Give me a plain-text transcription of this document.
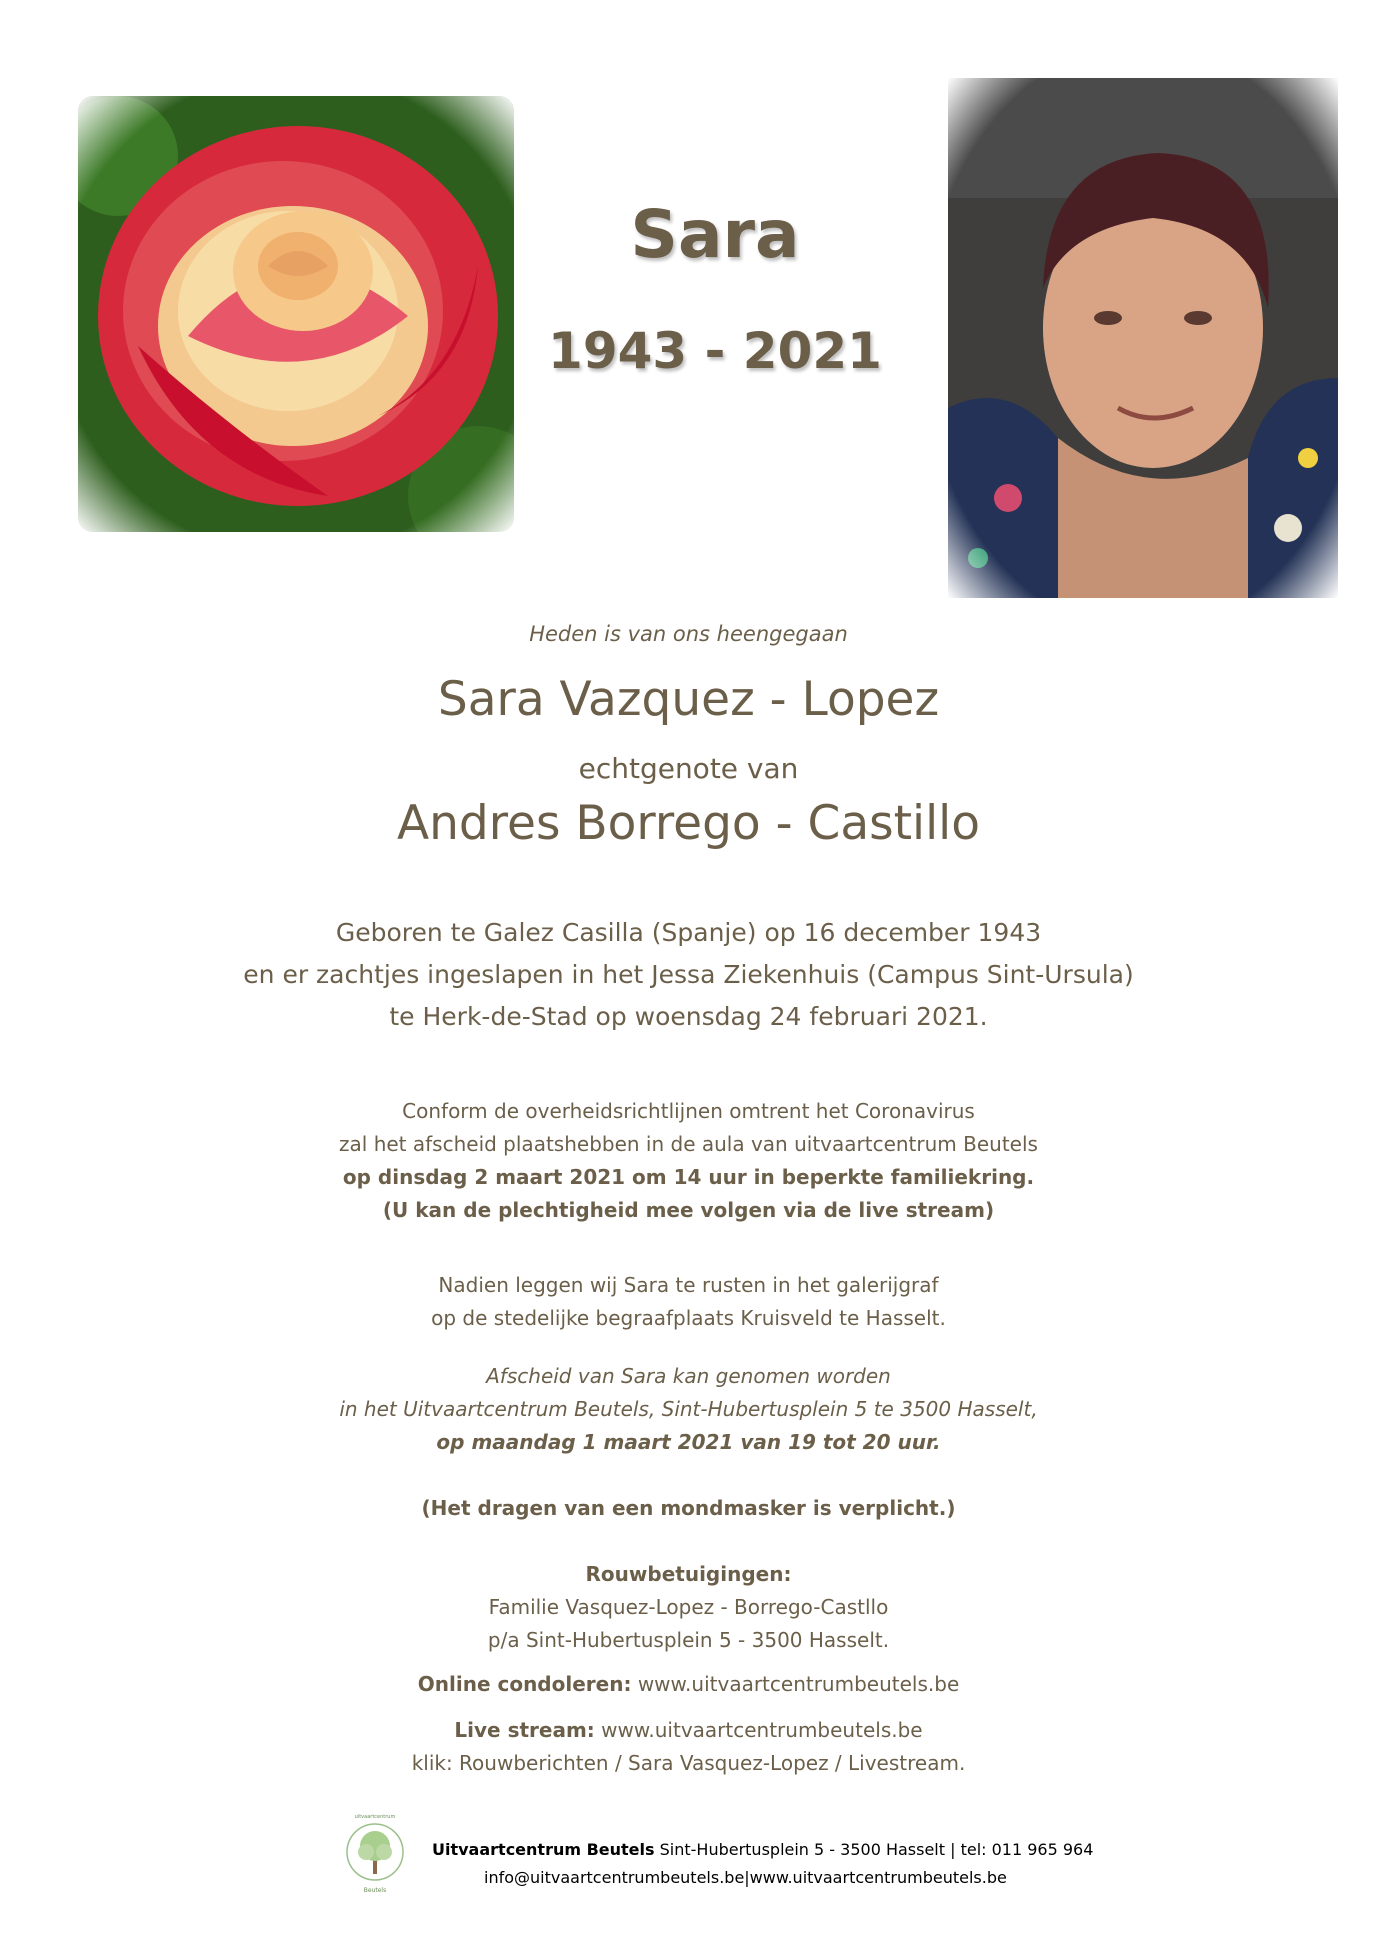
Sara
1943 - 2021
Heden is van ons heengegaan
Sara Vazquez - Lopez
echtgenote van
Andres Borrego - Castillo
Geboren te Galez Casilla (Spanje) op 16 december 1943
en er zachtjes ingeslapen in het Jessa Ziekenhuis (Campus Sint-Ursula)
te Herk-de-Stad op woensdag 24 februari 2021.
Conform de overheidsrichtlijnen omtrent het Coronavirus
zal het afscheid plaatshebben in de aula van uitvaartcentrum Beutels
op dinsdag 2 maart 2021 om 14 uur in beperkte familiekring.
(U kan de plechtigheid mee volgen via de live stream)
Nadien leggen wij Sara te rusten in het galerijgraf
op de stedelijke begraafplaats Kruisveld te Hasselt.
Afscheid van Sara kan genomen worden
in het Uitvaartcentrum Beutels, Sint-Hubertusplein 5 te 3500 Hasselt,
op maandag 1 maart 2021 van 19 tot 20 uur.
(Het dragen van een mondmasker is verplicht.)
Rouwbetuigingen:
Familie Vasquez-Lopez - Borrego-Castllo
p/a Sint-Hubertusplein 5 - 3500 Hasselt.
Online condoleren: www.uitvaartcentrumbeutels.be
Live stream: www.uitvaartcentrumbeutels.be
klik: Rouwberichten / Sara Vasquez-Lopez / Livestream.
uitvaartcentrum
Beutels
Uitvaartcentrum Beutels Sint-Hubertusplein 5 - 3500 Hasselt | tel: 011 965 964
info@uitvaartcentrumbeutels.be|www.uitvaartcentrumbeutels.be
